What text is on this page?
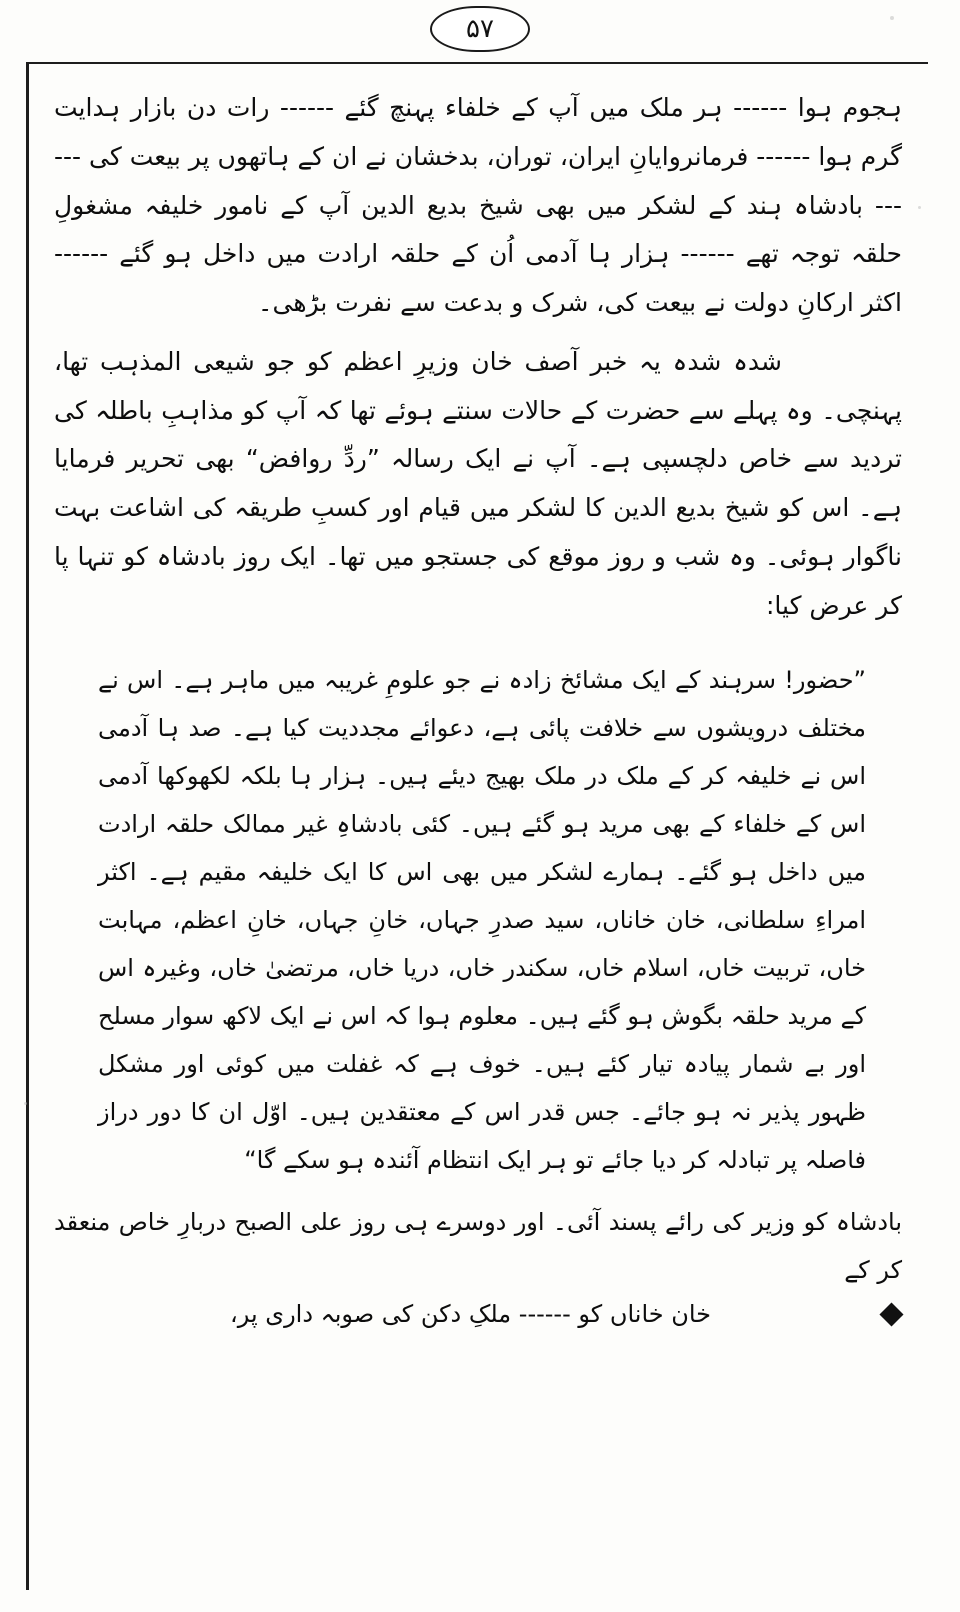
۵۷

ہجوم ہوا ------ ہر ملک میں آپ کے خلفاء پہنچ گئے ------ رات دن بازار ہدایت گرم ہوا ------ فرمانروایانِ ایران، توران، بدخشان نے ان کے ہاتھوں پر بیعت کی ------ بادشاہ ہند کے لشکر میں بھی شیخ بدیع الدین آپ کے نامور خلیفہ مشغولِ حلقہ توجہ تھے ------ ہزار ہا آدمی اُن کے حلقہ ارادت میں داخل ہو گئے ------ اکثر ارکانِ دولت نے بیعت کی، شرک و بدعت سے نفرت بڑھی۔

شدہ شدہ یہ خبر آصف خان وزیرِ اعظم کو جو شیعی المذہب تھا، پہنچی۔ وہ پہلے سے حضرت کے حالات سنتے ہوئے تھا کہ آپ کو مذاہبِ باطلہ کی تردید سے خاص دلچسپی ہے۔ آپ نے ایک رسالہ ”ردِّ روافض“ بھی تحریر فرمایا ہے۔ اس کو شیخ بدیع الدین کا لشکر میں قیام اور کسبِ طریقہ کی اشاعت بہت ناگوار ہوئی۔ وہ شب و روز موقع کی جستجو میں تھا۔ ایک روز بادشاہ کو تنہا پا کر عرض کیا:

”حضور! سرہند کے ایک مشائخ زادہ نے جو علومِ غریبہ میں ماہر ہے۔ اس نے مختلف درویشوں سے خلافت پائی ہے، دعوائے مجددیت کیا ہے۔ صد ہا آدمی اس نے خلیفہ کر کے ملک در ملک بھیج دیئے ہیں۔ ہزار ہا بلکہ لکھوکھا آدمی اس کے خلفاء کے بھی مرید ہو گئے ہیں۔ کئی بادشاہِ غیر ممالک حلقہ ارادت میں داخل ہو گئے۔ ہمارے لشکر میں بھی اس کا ایک خلیفہ مقیم ہے۔ اکثر امراءِ سلطانی، خان خاناں، سید صدرِ جہاں، خانِ جہاں، خانِ اعظم، مہابت خاں، تربیت خاں، اسلام خاں، سکندر خاں، دریا خاں، مرتضیٰ خاں، وغیرہ اس کے مرید حلقہ بگوش ہو گئے ہیں۔ معلوم ہوا کہ اس نے ایک لاکھ سوار مسلح اور بے شمار پیادہ تیار کئے ہیں۔ خوف ہے کہ غفلت میں کوئی اور مشکل ظہور پذیر نہ ہو جائے۔ جس قدر اس کے معتقدین ہیں۔ اوّل ان کا دور دراز فاصلہ پر تبادلہ کر دیا جائے تو ہر ایک انتظام آئندہ ہو سکے گا“

بادشاہ کو وزیر کی رائے پسند آئی۔ اور دوسرے ہی روز علی الصبح دربارِ خاص منعقد کر کے
خان خاناں کو ------ ملکِ دکن کی صوبہ داری پر،
